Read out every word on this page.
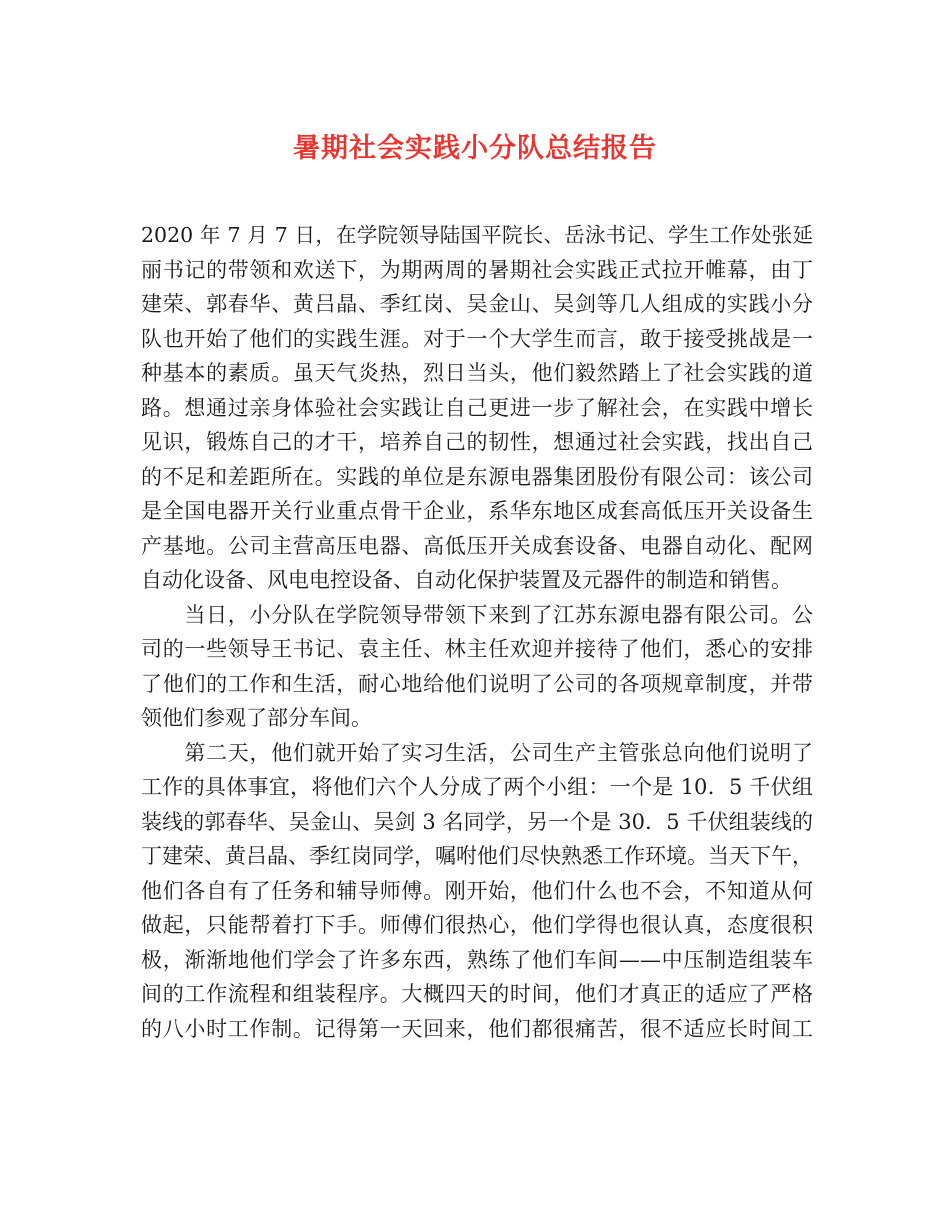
暑期社会实践小分队总结报告
2020 年 7 月 7 日，在学院领导陆国平院长、岳泳书记、学生工作处张延
丽书记的带领和欢送下，为期两周的暑期社会实践正式拉开帷幕，由丁
建荣、郭春华、黄吕晶、季红岗、吴金山、吴剑等几人组成的实践小分
队也开始了他们的实践生涯。对于一个大学生而言，敢于接受挑战是一
种基本的素质。虽天气炎热，烈日当头，他们毅然踏上了社会实践的道
路。想通过亲身体验社会实践让自己更进一步了解社会，在实践中增长
见识，锻炼自己的才干，培养自己的韧性，想通过社会实践，找出自己
的不足和差距所在。实践的单位是东源电器集团股份有限公司：该公司
是全国电器开关行业重点骨干企业，系华东地区成套高低压开关设备生
产基地。公司主营高压电器、高低压开关成套设备、电器自动化、配网
自动化设备、风电电控设备、自动化保护装置及元器件的制造和销售。
　　当日，小分队在学院领导带领下来到了江苏东源电器有限公司。公
司的一些领导王书记、袁主任、林主任欢迎并接待了他们，悉心的安排
了他们的工作和生活，耐心地给他们说明了公司的各项规章制度，并带
领他们参观了部分车间。
　　第二天，他们就开始了实习生活，公司生产主管张总向他们说明了
工作的具体事宜，将他们六个人分成了两个小组：一个是 10．5 千伏组
装线的郭春华、吴金山、吴剑 3 名同学，另一个是 30．5 千伏组装线的
丁建荣、黄吕晶、季红岗同学，嘱咐他们尽快熟悉工作环境。当天下午，
他们各自有了任务和辅导师傅。刚开始，他们什么也不会，不知道从何
做起，只能帮着打下手。师傅们很热心，他们学得也很认真，态度很积
极，渐渐地他们学会了许多东西，熟练了他们车间——中压制造组装车
间的工作流程和组装程序。大概四天的时间，他们才真正的适应了严格
的八小时工作制。记得第一天回来，他们都很痛苦，很不适应长时间工
